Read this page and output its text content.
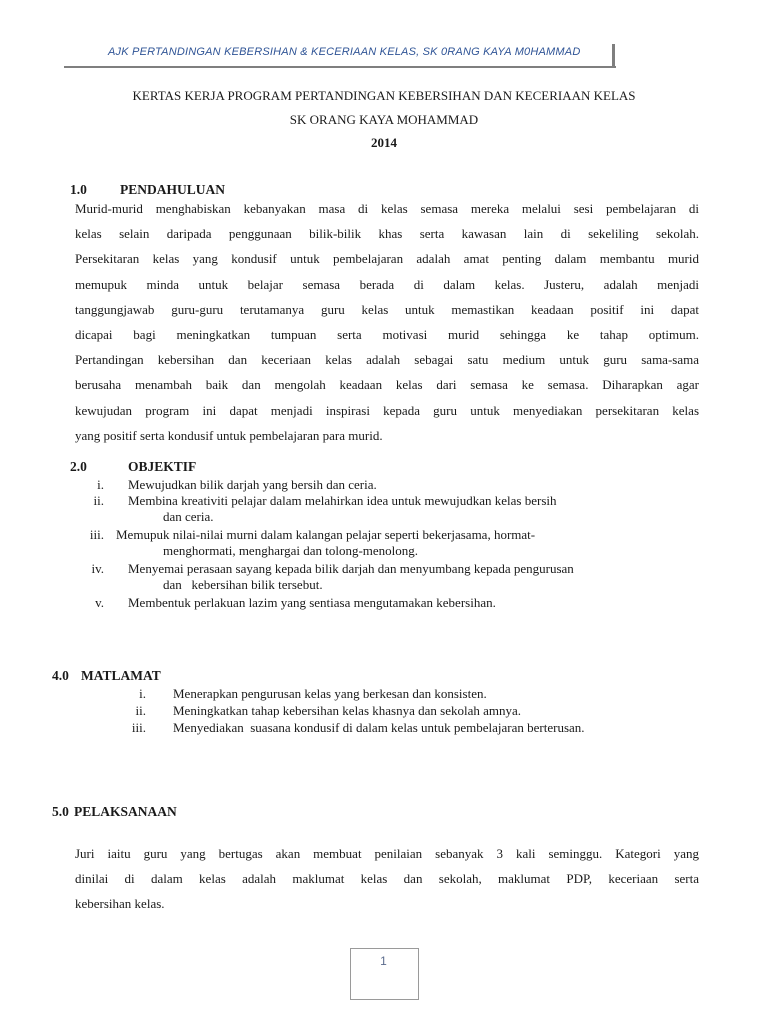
AJK PERTANDINGAN KEBERSIHAN & KECERIAAN KELAS, SK 0RANG KAYA M0HAMMAD
KERTAS KERJA PROGRAM PERTANDINGAN KEBERSIHAN DAN KECERIAAN KELAS
SK ORANG KAYA MOHAMMAD
2014
1.0 PENDAHULUAN
Murid-murid menghabiskan kebanyakan masa di kelas semasa mereka melalui sesi pembelajaran di
kelas selain daripada penggunaan bilik-bilik khas serta kawasan lain di sekeliling sekolah.
Persekitaran kelas yang kondusif untuk pembelajaran adalah amat penting dalam membantu murid
memupuk minda untuk belajar semasa berada di dalam kelas. Justeru, adalah menjadi
tanggungjawab guru-guru terutamanya guru kelas untuk memastikan keadaan positif ini dapat
dicapai bagi meningkatkan tumpuan serta motivasi murid sehingga ke tahap optimum.
Pertandingan kebersihan dan keceriaan kelas adalah sebagai satu medium untuk guru sama-sama
berusaha menambah baik dan mengolah keadaan kelas dari semasa ke semasa. Diharapkan agar
kewujudan program ini dapat menjadi inspirasi kepada guru untuk menyediakan persekitaran kelas
yang positif serta kondusif untuk pembelajaran para murid.
2.0	OBJEKTIF
i. Mewujudkan bilik darjah yang bersih dan ceria.
ii. Membina kreativiti pelajar dalam melahirkan idea untuk mewujudkan kelas bersih
dan ceria.
iii. Memupuk nilai-nilai murni dalam kalangan pelajar seperti bekerjasama, hormat-
menghormati, menghargai dan tolong-menolong.
iv. Menyemai perasaan sayang kepada bilik darjah dan menyumbang kepada pengurusan
dan   kebersihan bilik tersebut.
v. Membentuk perlakuan lazim yang sentiasa mengutamakan kebersihan.
4.0 MATLAMAT
i. Menerapkan pengurusan kelas yang berkesan dan konsisten.
ii. Meningkatkan tahap kebersihan kelas khasnya dan sekolah amnya.
iii. Menyediakan  suasana kondusif di dalam kelas untuk pembelajaran berterusan.
5.0 PELAKSANAAN
Juri iaitu guru yang bertugas akan membuat penilaian sebanyak 3 kali seminggu. Kategori yang
dinilai di dalam kelas adalah maklumat kelas dan sekolah, maklumat PDP, keceriaan serta
kebersihan kelas.
1
